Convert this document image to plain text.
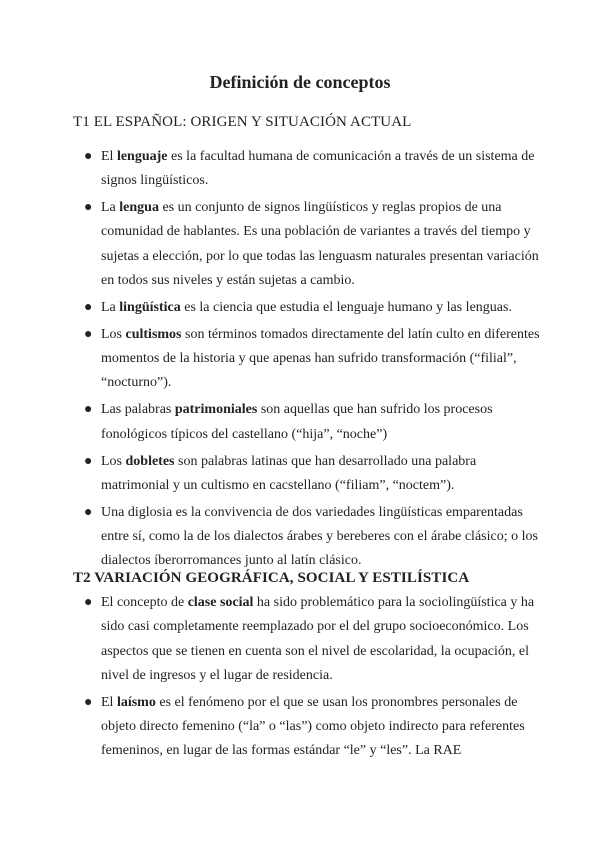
Definición de conceptos
T1 EL ESPAÑOL: ORIGEN Y SITUACIÓN ACTUAL
● El lenguaje es la facultad humana de comunicación a través de un sistema de signos lingüísticos.
● La lengua es un conjunto de signos lingüísticos y reglas propios de una comunidad de hablantes. Es una población de variantes a través del tiempo y sujetas a elección, por lo que todas las lenguasm naturales presentan variación en todos sus niveles y están sujetas a cambio.
● La lingüística es la ciencia que estudia el lenguaje humano y las lenguas.
● Los cultismos son términos tomados directamente del latín culto en diferentes momentos de la historia y que apenas han sufrido transformación (“filial”, “nocturno”).
● Las palabras patrimoniales son aquellas que han sufrido los procesos fonológicos típicos del castellano (“hija”, “noche”)
● Los dobletes son palabras latinas que han desarrollado una palabra matrimonial y un cultismo en cacstellano (“filiam”, “noctem”).
● Una diglosia es la convivencia de dos variedades lingüísticas emparentadas entre sí, como la de los dialectos árabes y bereberes con el árabe clásico; o los dialectos íberorromances junto al latín clásico.
T2 VARIACIÓN GEOGRÁFICA, SOCIAL Y ESTILÍSTICA
● El concepto de clase social ha sido problemático para la sociolingüística y ha sido casi completamente reemplazado por el del grupo socioeconómico. Los aspectos que se tienen en cuenta son el nivel de escolaridad, la ocupación, el nivel de ingresos y el lugar de residencia.
● El laísmo es el fenómeno por el que se usan los pronombres personales de objeto directo femenino (“la” o “las”) como objeto indirecto para referentes femeninos, en lugar de las formas estándar “le” y “les”. La RAE
